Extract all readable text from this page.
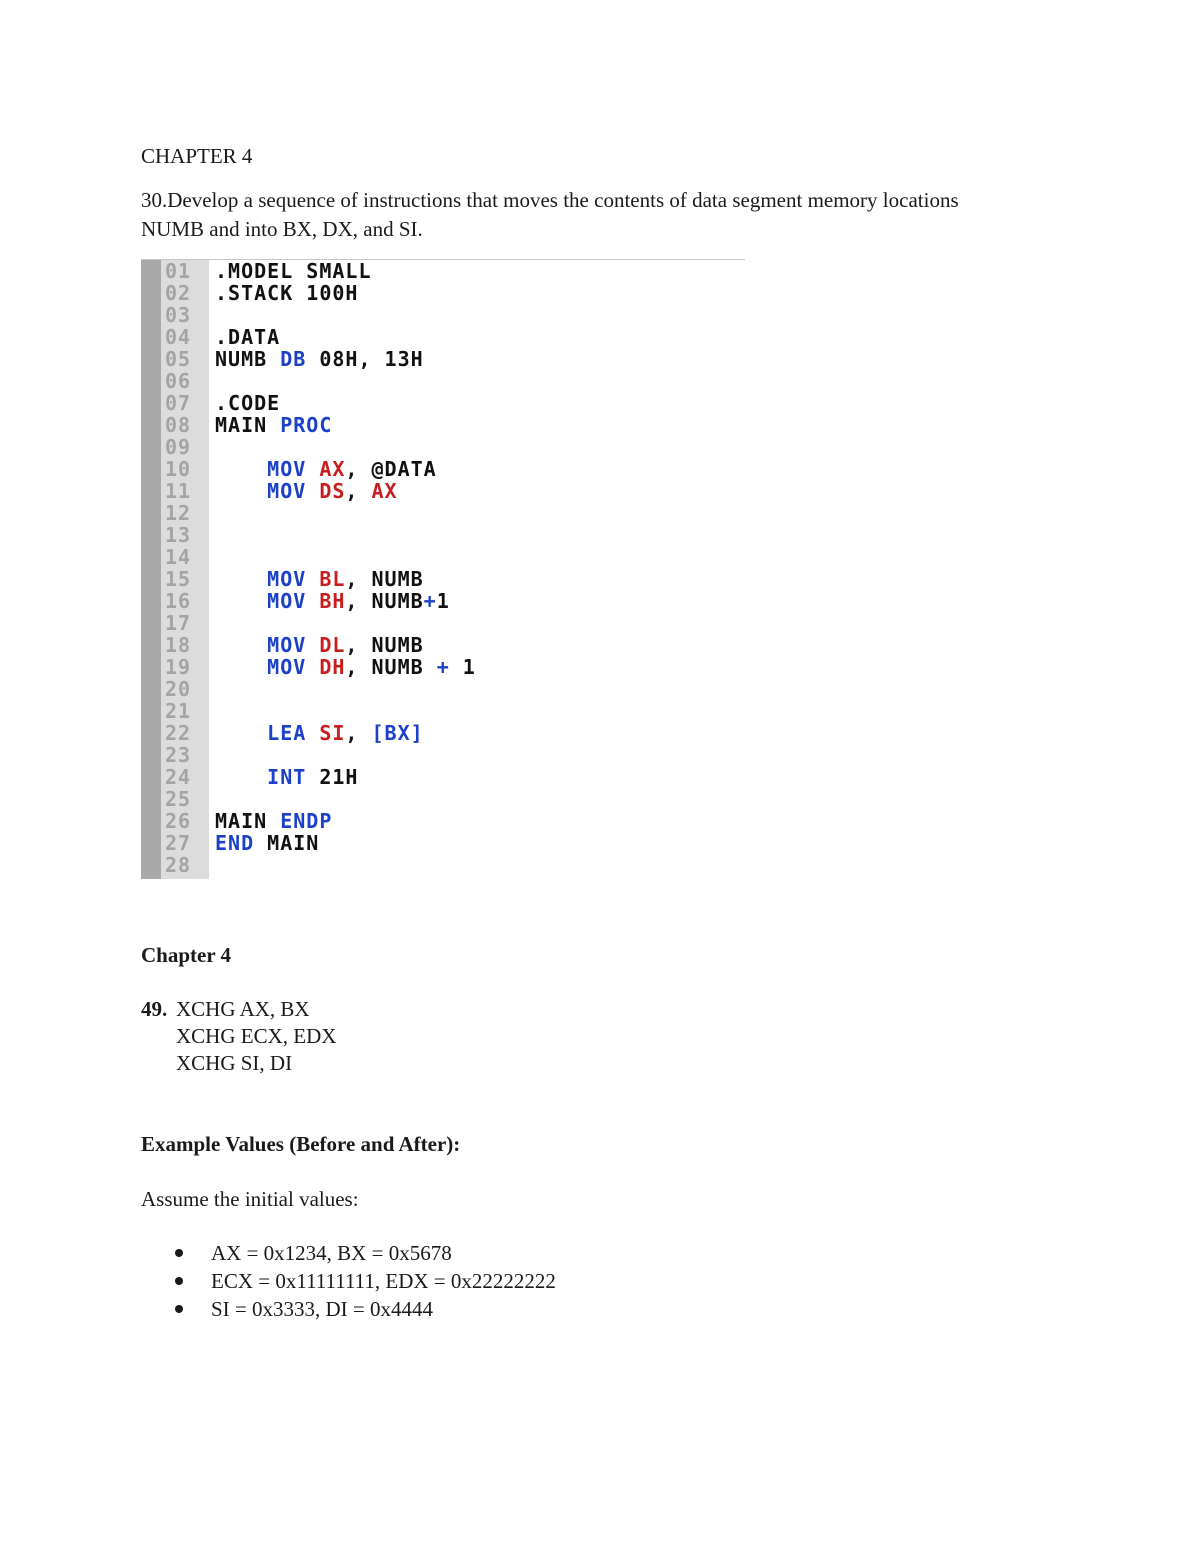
CHAPTER 4
30.Develop a sequence of instructions that moves the contents of data segment memory locations
NUMB and into BX, DX, and SI.
01 .MODEL SMALL
02 .STACK 100H
03
04 .DATA
05 NUMB DB 08H, 13H
06
07 .CODE
08 MAIN PROC
09
10 MOV AX, @DATA
11 MOV DS, AX
12
13
14
15 MOV BL, NUMB
16 MOV BH, NUMB+1
17
18 MOV DL, NUMB
19 MOV DH, NUMB + 1
20
21
22 LEA SI, [BX]
23
24 INT 21H
25
26 MAIN ENDP
27 END MAIN
28
Chapter 4
49. XCHG AX, BX
XCHG ECX, EDX
XCHG SI, DI
Example Values (Before and After):
Assume the initial values:
AX = 0x1234, BX = 0x5678
ECX = 0x11111111, EDX = 0x22222222
SI = 0x3333, DI = 0x4444
